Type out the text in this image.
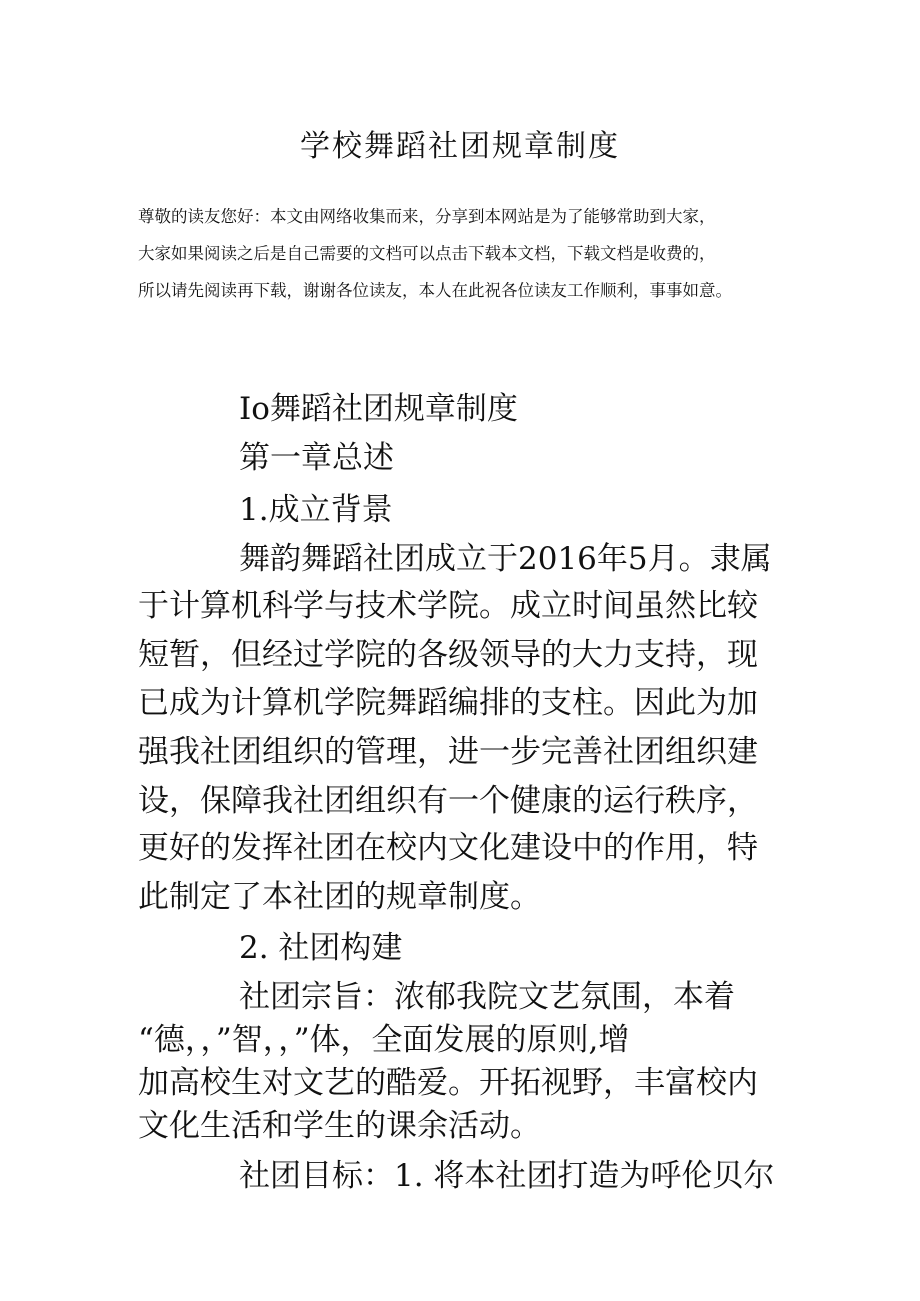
学校舞蹈社团规章制度
尊敬的读友您好：本文由网络收集而来，分享到本网站是为了能够常助到大家，
大家如果阅读之后是自己需要的文档可以点击下载本文档，下载文档是收费的，
所以请先阅读再下载，谢谢各位读友，本人在此祝各位读友工作顺利，事事如意。
Io舞蹈社团规章制度
第一章总述
1.成立背景
舞韵舞蹈社团成立于2016年5月。隶属
于计算机科学与技术学院。成立时间虽然比较
短暂，但经过学院的各级领导的大力支持，现
已成为计算机学院舞蹈编排的支柱。因此为加
强我社团组织的管理，进一步完善社团组织建
设，保障我社团组织有一个健康的运行秩序，
更好的发挥社团在校内文化建设中的作用，特
此制定了本社团的规章制度。
2. 社团构建
社团宗旨：浓郁我院文艺氛围，本着
“德，，”智，，”体，全面发展的原则,增
加高校生对文艺的酷爱。开拓视野，丰富校内
文化生活和学生的课余活动。
社团目标：1. 将本社团打造为呼伦贝尔
